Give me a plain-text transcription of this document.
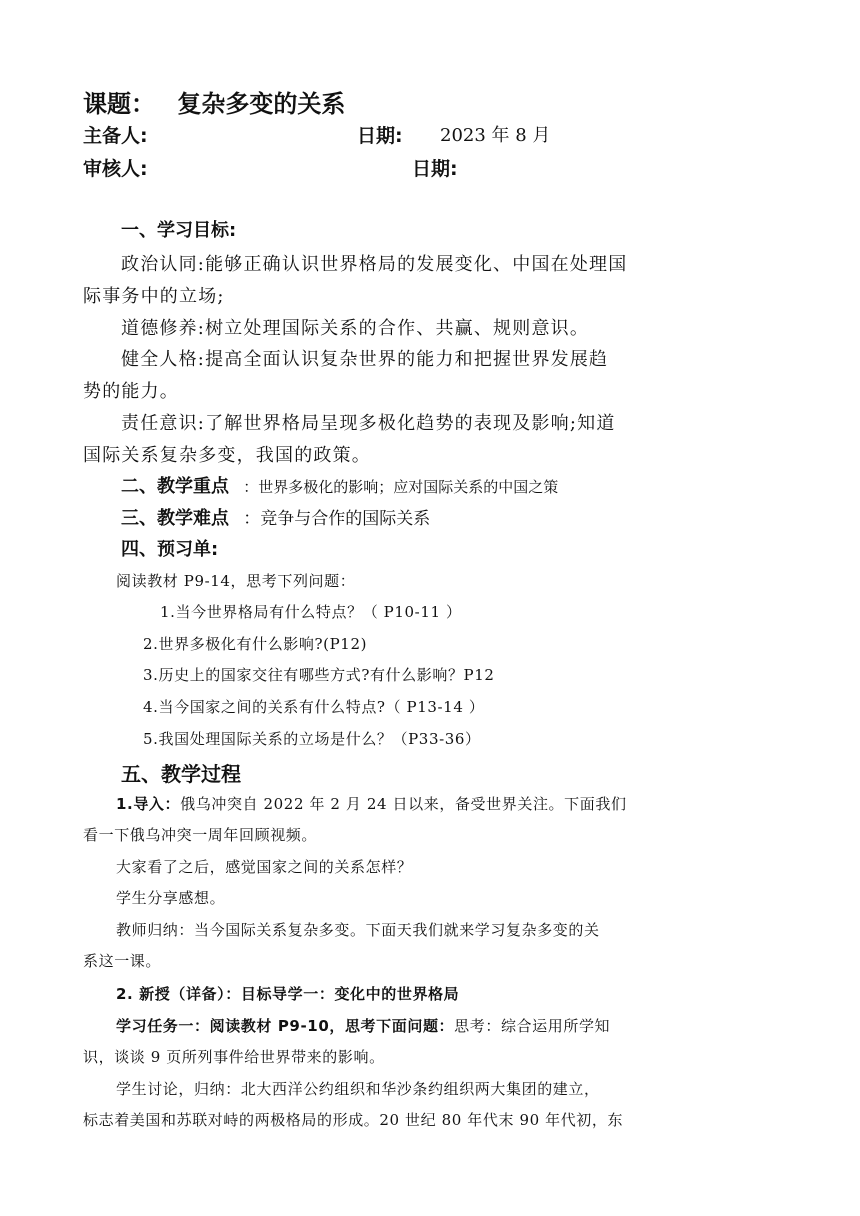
课题： 复杂多变的关系
主备人:	日期: 2023 年 8 月
审核人:	日期:
一、学习目标:
政治认同:能够正确认识世界格局的发展变化、中国在处理国
际事务中的立场;
道德修养:树立处理国际关系的合作、共赢、规则意识。
健全人格:提高全面认识复杂世界的能力和把握世界发展趋
势的能力。
责任意识:了解世界格局呈现多极化趋势的表现及影响;知道
国际关系复杂多变，我国的政策。
二、教学重点 ：世界多极化的影响；应对国际关系的中国之策
三、教学难点 ：竞争与合作的国际关系
四、预习单:
阅读教材 P9-14，思考下列问题：
1.当今世界格局有什么特点？（ P10-11 ）
2.世界多极化有什么影响?(P12)
3.历史上的国家交往有哪些方式?有什么影响？P12
4.当今国家之间的关系有什么特点?（ P13-14 ）
5.我国处理国际关系的立场是什么？（P33-36）
五、教学过程
1.导入：俄乌冲突自 2022 年 2 月 24 日以来，备受世界关注。下面我们
看一下俄乌冲突一周年回顾视频。
大家看了之后，感觉国家之间的关系怎样？
学生分享感想。
教师归纳：当今国际关系复杂多变。下面天我们就来学习复杂多变的关
系这一课。
2. 新授（详备）：目标导学一：变化中的世界格局
学习任务一：阅读教材 P9-10，思考下面问题：思考：综合运用所学知
识，谈谈 9 页所列事件给世界带来的影响。
学生讨论，归纳：北大西洋公约组织和华沙条约组织两大集团的建立，
标志着美国和苏联对峙的两极格局的形成。20 世纪 80 年代末 90 年代初，东
